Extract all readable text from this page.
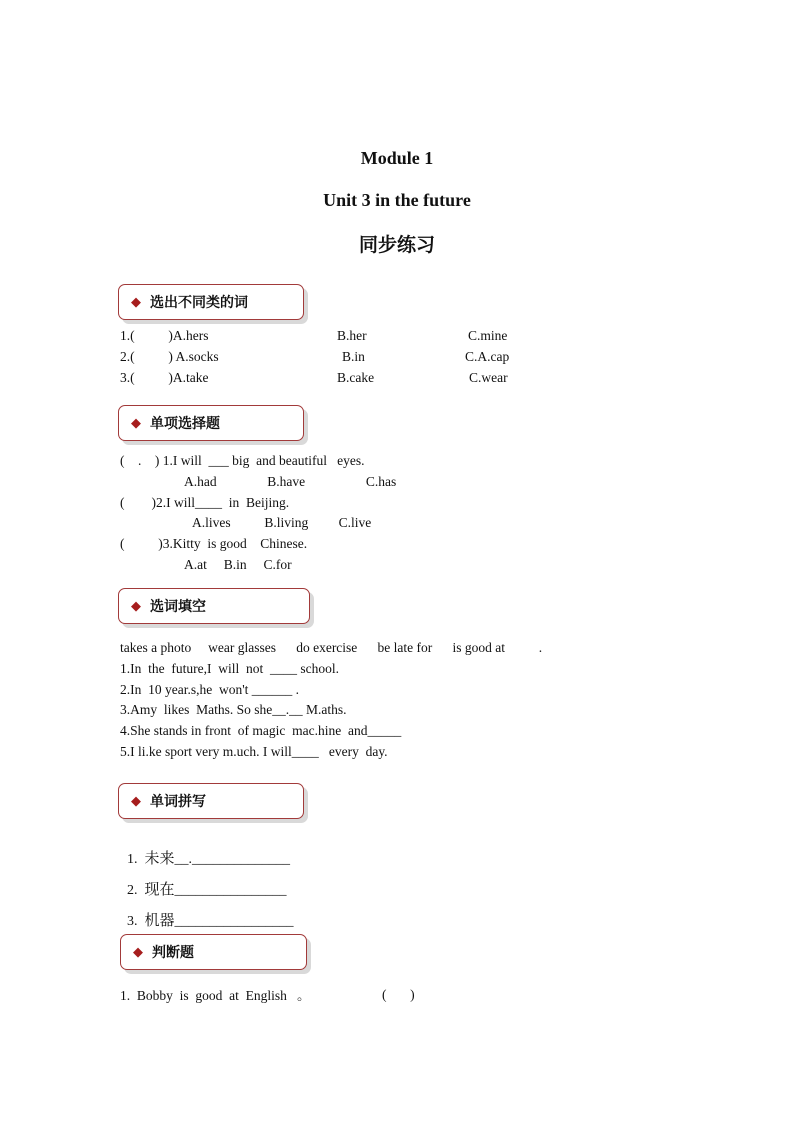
Module 1
Unit 3 in the future
同步练习
◆ 选出不同类的词
1.(          )A.hers	B.her	C.mine
2.(          ) A.socks	B.in	C.A.cap
3.(          )A.take	B.cake	C.wear
◆ 单项选择题
(    .    ) 1.I will  ___ big  and beautiful   eyes.
A.had               B.have                  C.has
(        )2.I will____  in  Beijing.
A.lives          B.living         C.live
(          )3.Kitty  is good    Chinese.
A.at     B.in     C.for
◆ 选词填空
takes a photo     wear glasses      do exercise      be late for      is good at          .
1.In  the  future,I  will  not  ____ school.
2.In  10 year.s,he  won't ______ .
3.Amy  likes  Maths. So she__.__ M.aths.
4.She stands in front  of magic  mac.hine  and_____
5.I li.ke sport very m.uch. I will____   every  day.
◆ 单词拼写

1. 未来__.______________

2. 现在________________

3. 机器_________________

◆ 判断题
1.  Bobby  is  good  at  English   。	(       )
